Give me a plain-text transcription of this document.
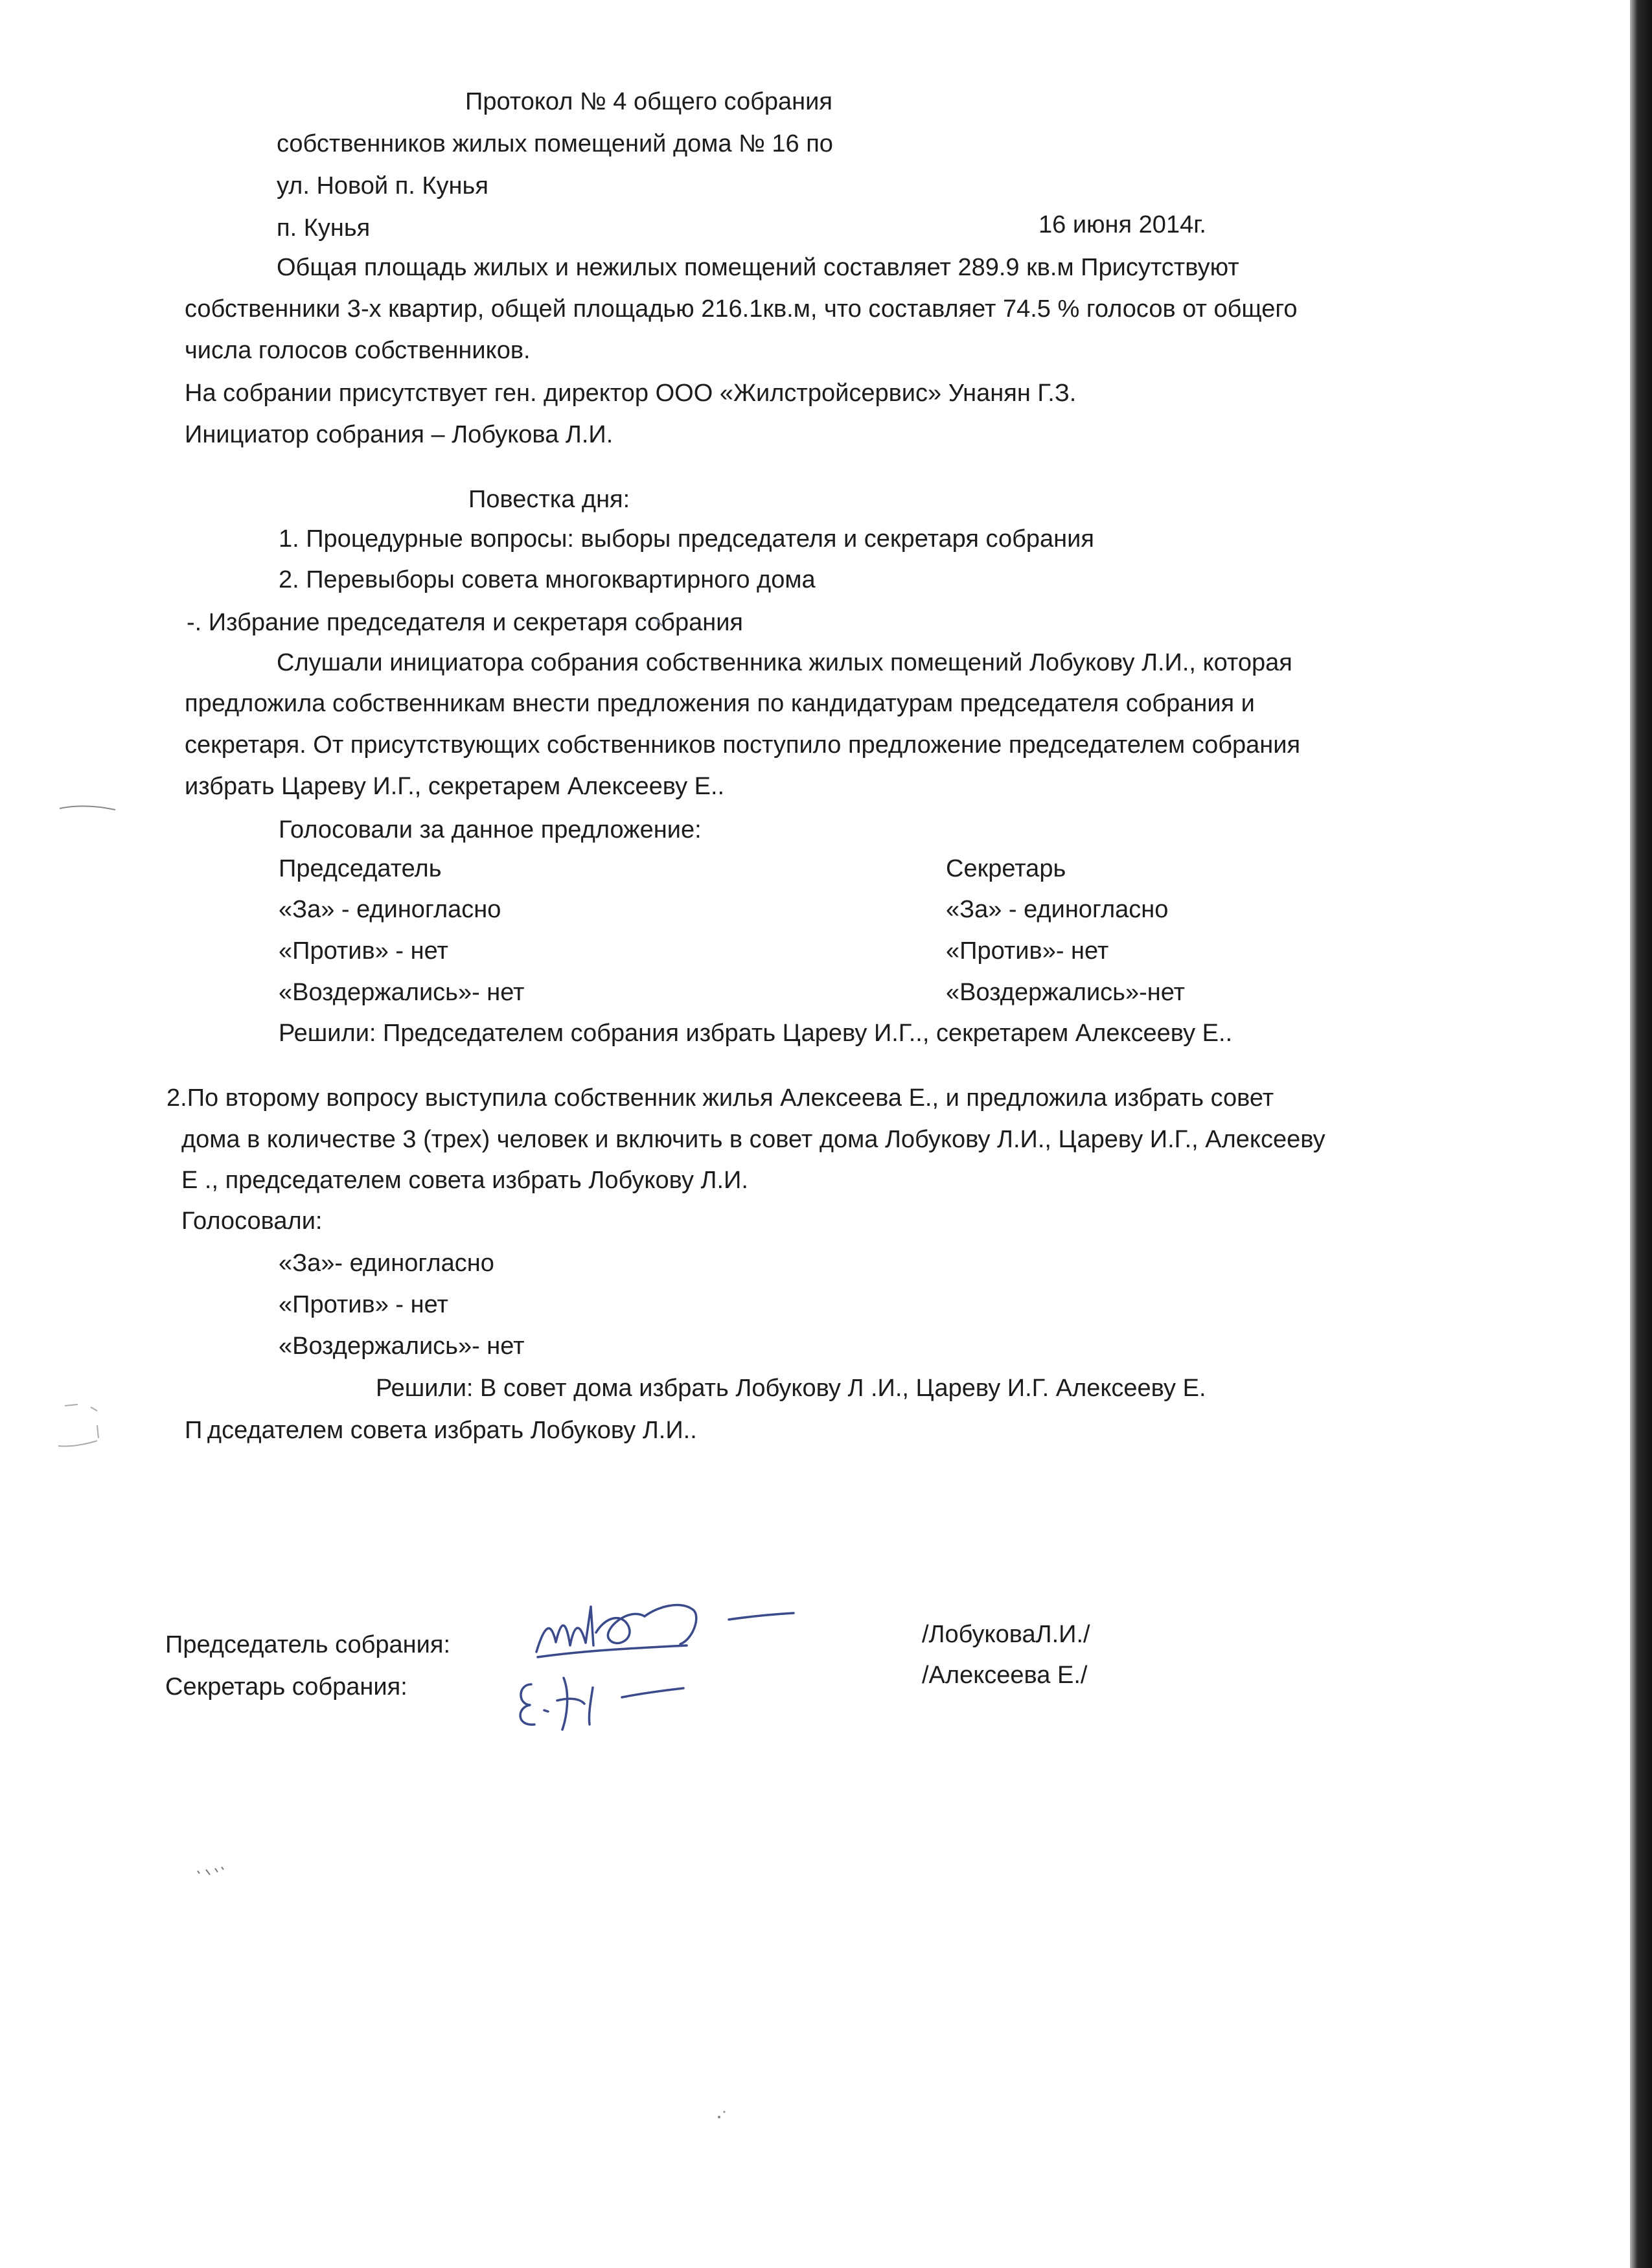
Протокол № 4 общего собрания
собственников жилых помещений дома № 16 по
ул. Новой п. Кунья
п. Кунья	16 июня 2014г.
Общая площадь жилых и нежилых помещений составляет 289.9 кв.м Присутствуют
собственники 3-х квартир, общей площадью 216.1кв.м, что составляет 74.5 % голосов от общего
числа голосов собственников.
На собрании присутствует ген. директор ООО «Жилстройсервис» Унанян Г.З.
Инициатор собрания – Лобукова Л.И.
Повестка дня:
1. Процедурные вопросы: выборы председателя и секретаря собрания
2. Перевыборы совета многоквартирного дома
-. Избрание председателя и секретаря собрания
Слушали инициатора собрания собственника жилых помещений Лобукову Л.И., которая
предложила собственникам внести предложения по кандидатурам председателя собрания и
секретаря. От присутствующих собственников поступило предложение председателем собрания
избрать Цареву И.Г., секретарем Алексееву Е..
Голосовали за данное предложение:
Председатель
«За» - единогласно
«Против» - нет
«Воздержались»- нет
Секретарь
«За» - единогласно
«Против»- нет
«Воздержались»-нет
Решили: Председателем собрания избрать Цареву И.Г.., секретарем Алексееву Е..
2.По второму вопросу выступила собственник жилья Алексеева Е., и предложила избрать совет
дома в количестве 3 (трех) человек и включить в совет дома Лобукову Л.И., Цареву И.Г., Алексееву
Е ., председателем совета избрать Лобукову Л.И.
Голосовали:
«За»- единогласно
«Против» - нет
«Воздержались»- нет
Решили: В совет дома избрать Лобукову Л .И., Цареву И.Г. Алексееву Е.
П дседателем совета избрать Лобукову Л.И..
Председатель собрания:
Секретарь собрания:
/ЛобуковаЛ.И./
/Алексеева Е./
